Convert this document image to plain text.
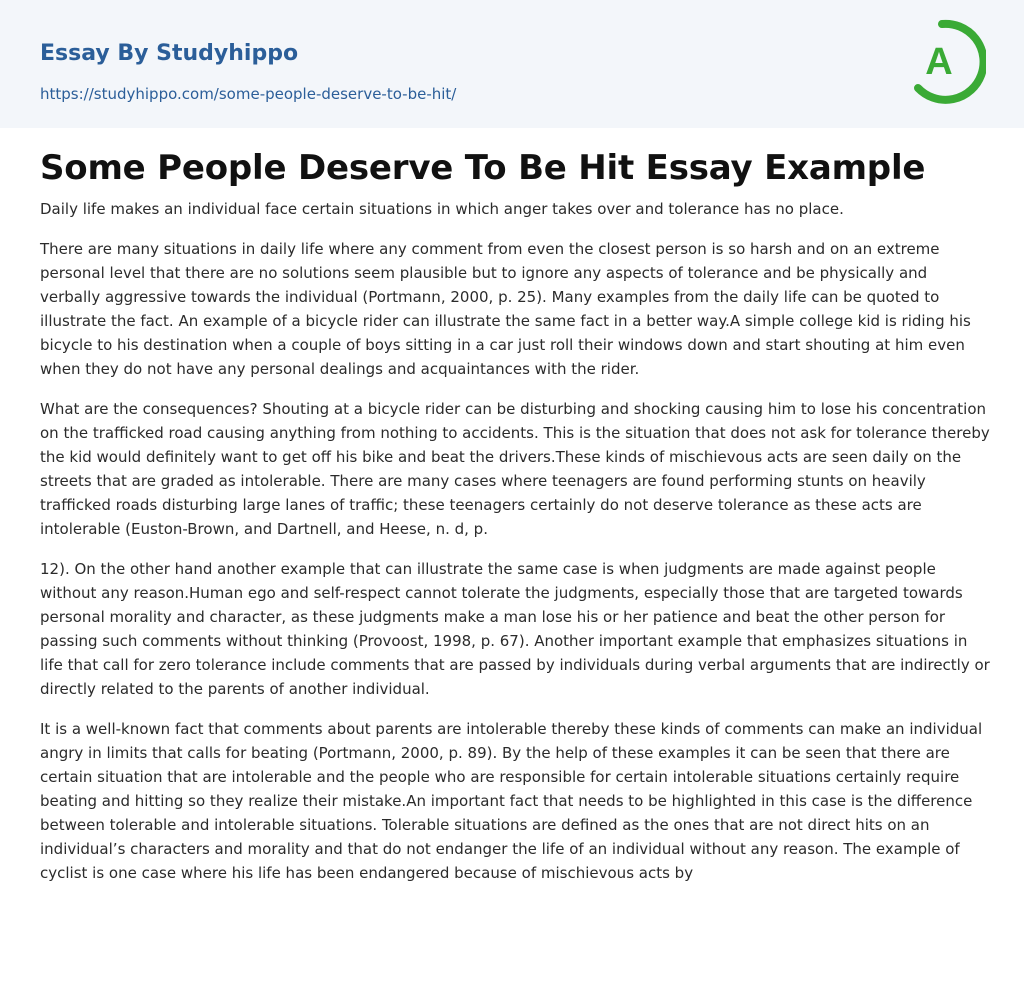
Essay By Studyhippo
https://studyhippo.com/some-people-deserve-to-be-hit/
A
Some People Deserve To Be Hit Essay Example

Daily life makes an individual face certain situations in which anger takes over and tolerance has no place.

There are many situations in daily life where any comment from even the closest person is so harsh and on an extreme personal level that there are no solutions seem plausible but to ignore any aspects of tolerance and be physically and verbally aggressive towards the individual (Portmann, 2000, p. 25). Many examples from the daily life can be quoted to illustrate the fact. An example of a bicycle rider can illustrate the same fact in a better way.A simple college kid is riding his bicycle to his destination when a couple of boys sitting in a car just roll their windows down and start shouting at him even when they do not have any personal dealings and acquaintances with the rider.

What are the consequences? Shouting at a bicycle rider can be disturbing and shocking causing him to lose his concentration on the trafficked road causing anything from nothing to accidents. This is the situation that does not ask for tolerance thereby the kid would definitely want to get off his bike and beat the drivers.These kinds of mischievous acts are seen daily on the streets that are graded as intolerable. There are many cases where teenagers are found performing stunts on heavily trafficked roads disturbing large lanes of traffic; these teenagers certainly do not deserve tolerance as these acts are intolerable (Euston-Brown, and Dartnell, and Heese, n. d, p.

12). On the other hand another example that can illustrate the same case is when judgments are made against people without any reason.Human ego and self-respect cannot tolerate the judgments, especially those that are targeted towards personal morality and character, as these judgments make a man lose his or her patience and beat the other person for passing such comments without thinking (Provoost, 1998, p. 67). Another important example that emphasizes situations in life that call for zero tolerance include comments that are passed by individuals during verbal arguments that are indirectly or directly related to the parents of another individual.

It is a well-known fact that comments about parents are intolerable thereby these kinds of comments can make an individual angry in limits that calls for beating (Portmann, 2000, p. 89). By the help of these examples it can be seen that there are certain situation that are intolerable and the people who are responsible for certain intolerable situations certainly require beating and hitting so they realize their mistake.An important fact that needs to be highlighted in this case is the difference between tolerable and intolerable situations. Tolerable situations are defined as the ones that are not direct hits on an individual’s characters and morality and that do not endanger the life of an individual without any reason. The example of cyclist is one case where his life has been endangered because of mischievous acts by
